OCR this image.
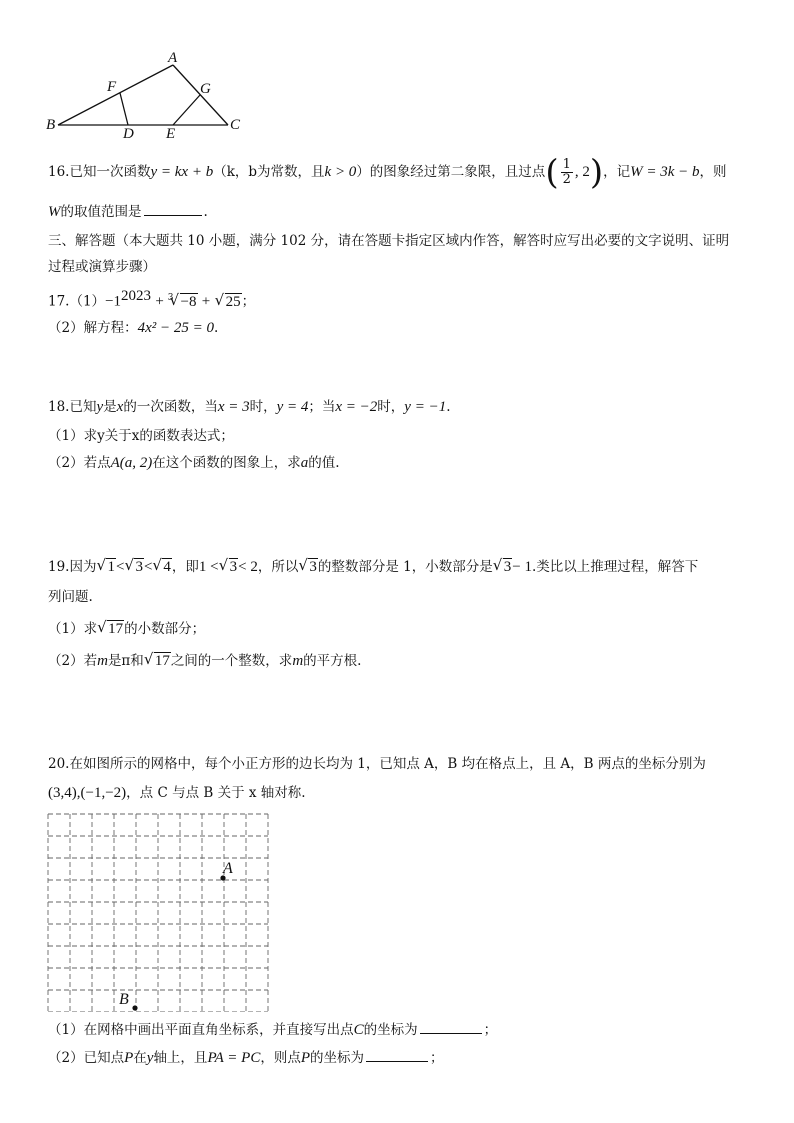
A
B	C
D E
F	G
16.已知一次函数y = kx + b（k，b为常数，且k > 0）的图象经过第二象限，且过点( $\frac{1}{2}$ , 2)，记W = 3k − b，则
W的取值范围是	.
三、解答题（本大题共 10 小题，满分 102 分，请在答题卡指定区域内作答，解答时应写出必要的文字说明、证明
过程或演算步骤）
$17.(1)-1^{2023} + ^3√ -8$ + √ 25；
（2）解方程：4x² − 25 = 0.
18.已知y是x的一次函数，当x = 3时，y = 4；当x = −2时，y = −1.
（1）求y关于x的函数表达式；
（2）若点A(a, 2)在这个函数的图象上，求a的值.
19.因为√ 1<√ 3<√ 4，即1 <√ 3< 2，所以√ 3的整数部分是 1，小数部分是√ 3− 1.类比以上推理过程，解答下
列问题.
（1）求√ 17的小数部分；
（2）若m是π和√ 17之间的一个整数，求m的平方根.
20.在如图所示的网格中，每个小正方形的边长均为 1，已知点 A，B 均在格点上，且 A，B 两点的坐标分别为
(3,4),(−1,−2)，点 C 与点 B 关于 x 轴对称.
A
B
（1）在网格中画出平面直角坐标系，并直接写出点C的坐标为	；
（2）已知点P在y轴上，且PA = PC，则点P的坐标为	；
